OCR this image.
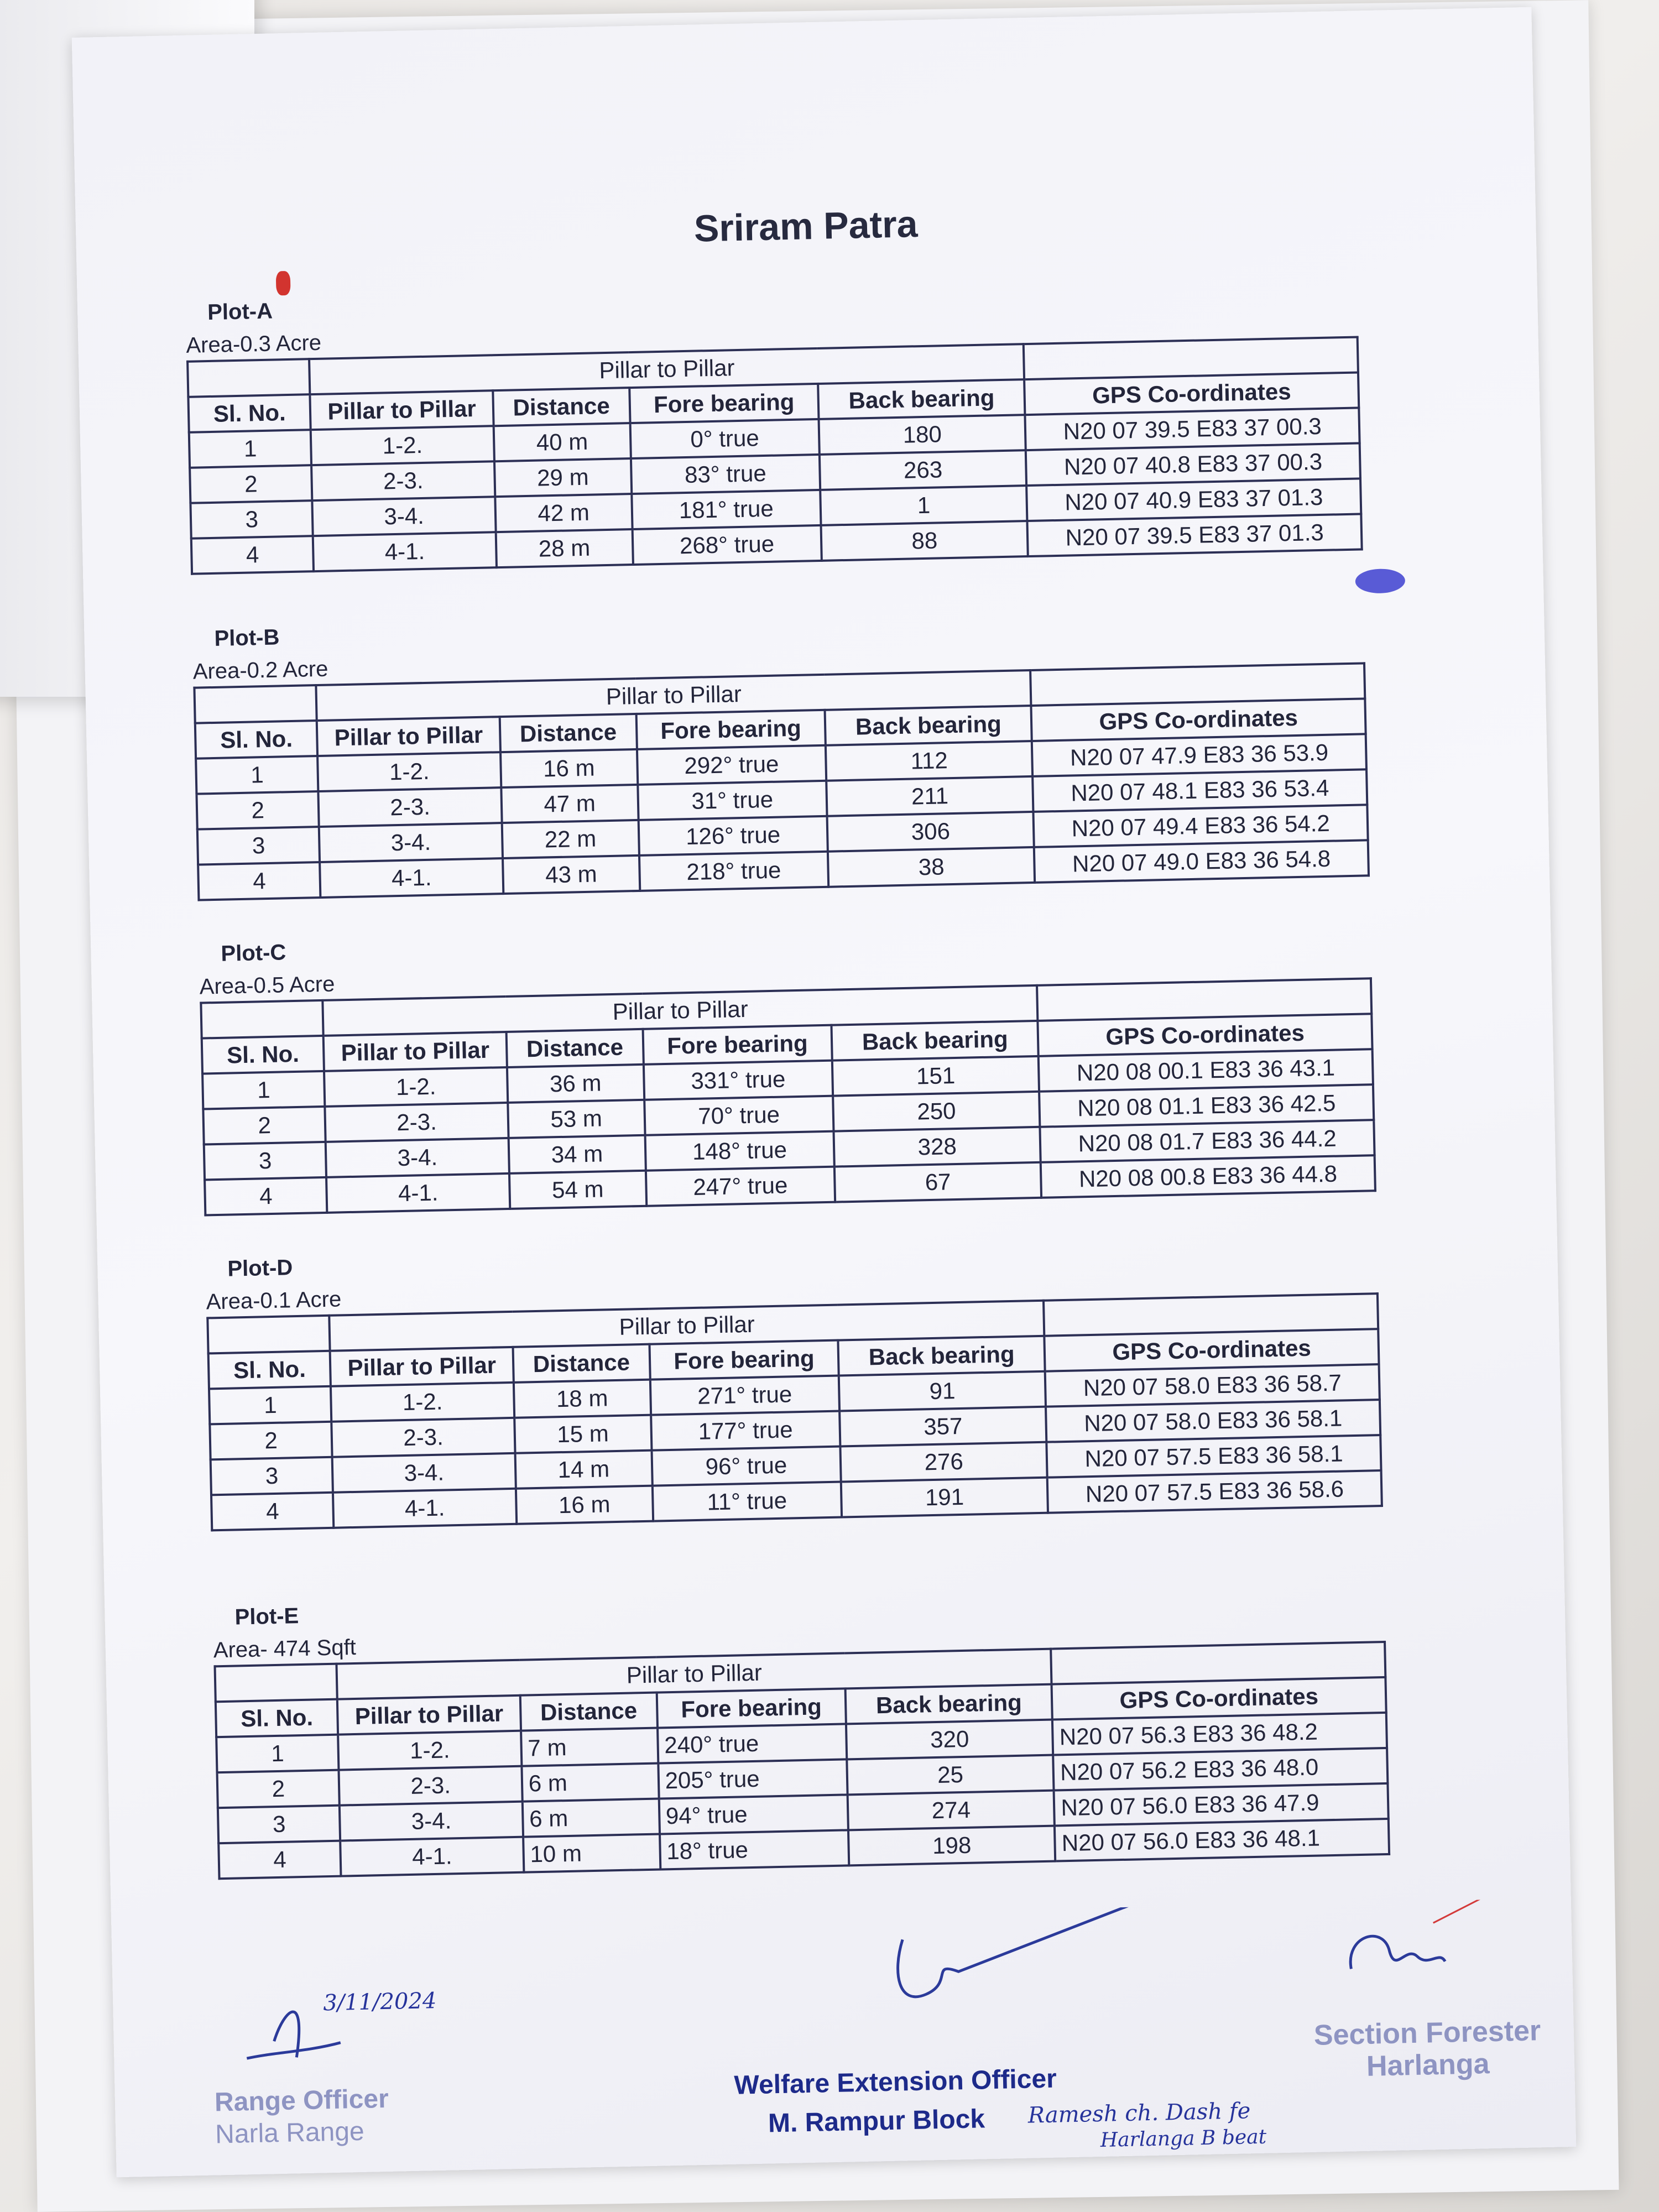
Sriram Patra
Plot-A
Area-0.3 Acre
	Pillar to Pillar				
Sl. No.	Pillar to Pillar	Distance	Fore bearing	Back bearing	GPS Co-ordinates
1	1-2.	40 m	0° true	180	N20 07 39.5 E83 37 00.3
2	2-3.	29 m	83° true	263	N20 07 40.8 E83 37 00.3
3	3-4.	42 m	181° true	1	N20 07 40.9 E83 37 01.3
4	4-1.	28 m	268° true	88	N20 07 39.5 E83 37 01.3
Plot-B
Area-0.2 Acre
	Pillar to Pillar				
Sl. No.	Pillar to Pillar	Distance	Fore bearing	Back bearing	GPS Co-ordinates
1	1-2.	16 m	292° true	112	N20 07 47.9 E83 36 53.9
2	2-3.	47 m	31° true	211	N20 07 48.1 E83 36 53.4
3	3-4.	22 m	126° true	306	N20 07 49.4 E83 36 54.2
4	4-1.	43 m	218° true	38	N20 07 49.0 E83 36 54.8
Plot-C
Area-0.5 Acre
	Pillar to Pillar				
Sl. No.	Pillar to Pillar	Distance	Fore bearing	Back bearing	GPS Co-ordinates
1	1-2.	36 m	331° true	151	N20 08 00.1 E83 36 43.1
2	2-3.	53 m	70° true	250	N20 08 01.1 E83 36 42.5
3	3-4.	34 m	148° true	328	N20 08 01.7 E83 36 44.2
4	4-1.	54 m	247° true	67	N20 08 00.8 E83 36 44.8
Plot-D
Area-0.1 Acre
	Pillar to Pillar				
Sl. No.	Pillar to Pillar	Distance	Fore bearing	Back bearing	GPS Co-ordinates
1	1-2.	18 m	271° true	91	N20 07 58.0 E83 36 58.7
2	2-3.	15 m	177° true	357	N20 07 58.0 E83 36 58.1
3	3-4.	14 m	96° true	276	N20 07 57.5 E83 36 58.1
4	4-1.	16 m	11° true	191	N20 07 57.5 E83 36 58.6
Plot-E
Area- 474 Sqft
	Pillar to Pillar				
Sl. No.	Pillar to Pillar	Distance	Fore bearing	Back bearing	GPS Co-ordinates
1	1-2.	7 m	240° true	320	N20 07 56.3 E83 36 48.2
2	2-3.	6 m	205° true	25	N20 07 56.2 E83 36 48.0
3	3-4.	6 m	94° true	274	N20 07 56.0 E83 36 47.9
4	4-1.	10 m	18° true	198	N20 07 56.0 E83 36 48.1
3/11/2024
Range Officer
Narla Range
Welfare Extension Officer
M. Rampur Block
Section Forester
Harlanga
Ramesh ch. Dash fe
Harlanga B beat
